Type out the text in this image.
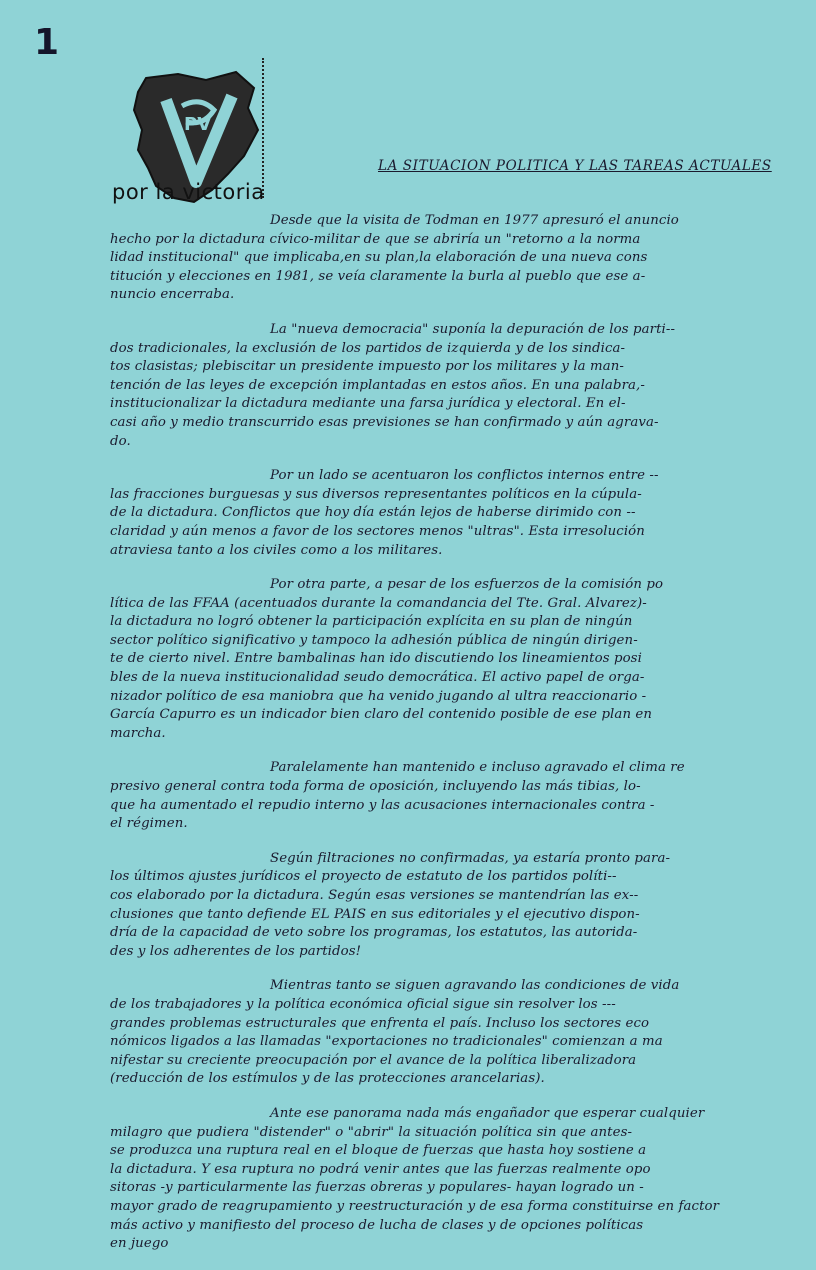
1
PV
por la victoria
LA SITUACION POLITICA Y LAS TAREAS ACTUALES
Desde que la visita de Todman en 1977 apresuró el anuncio
hecho por la dictadura cívico-militar de que se abriría un "retorno a la norma
lidad institucional" que implicaba,en su plan,la elaboración de una nueva cons
titución y elecciones en 1981, se veía claramente la burla al pueblo que ese a-
nuncio encerraba.
La "nueva democracia" suponía la depuración de los parti--
dos tradicionales, la exclusión de los partidos de izquierda y de los sindica-
tos clasistas; plebiscitar un presidente impuesto por los militares y la man-
tención de las leyes de excepción implantadas en estos años. En una palabra,-
institucionalizar la dictadura mediante una farsa jurídica y electoral. En el-
casi año y medio transcurrido esas previsiones se han confirmado y aún agrava-
do.
Por un lado se acentuaron los conflictos internos entre --
las fracciones burguesas y sus diversos representantes políticos en la cúpula-
de la dictadura. Conflictos que hoy día están lejos de haberse dirimido con --
claridad y aún menos a favor de los sectores menos "ultras". Esta irresolución
atraviesa tanto a los civiles como a los militares.
Por otra parte, a pesar de los esfuerzos de la comisión po
lítica de las FFAA (acentuados durante la comandancia del Tte. Gral. Alvarez)-
la dictadura no logró obtener la participación explícita en su plan de ningún
sector político significativo y tampoco la adhesión pública de ningún dirigen-
te de cierto nivel. Entre bambalinas han ido discutiendo los lineamientos posi
bles de la nueva institucionalidad seudo democrática. El activo papel de orga-
nizador político de esa maniobra que ha venido jugando al ultra reaccionario -
García Capurro es un indicador bien claro del contenido posible de ese plan en
marcha.
Paralelamente han mantenido e incluso agravado el clima re
presivo general contra toda forma de oposición, incluyendo las más tibias, lo-
que ha aumentado el repudio interno y las acusaciones internacionales contra -
el régimen.
Según filtraciones no confirmadas, ya estaría pronto para-
los últimos ajustes jurídicos el proyecto de estatuto de los partidos políti--
cos elaborado por la dictadura. Según esas versiones se mantendrían las ex--
clusiones que tanto defiende EL PAIS en sus editoriales y el ejecutivo dispon-
dría de la capacidad de veto sobre los programas, los estatutos, las autorida-
des y los adherentes de los partidos!
Mientras tanto se siguen agravando las condiciones de vida
de los trabajadores y la política económica oficial sigue sin resolver los ---
grandes problemas estructurales que enfrenta el país. Incluso los sectores eco
nómicos ligados a las llamadas "exportaciones no tradicionales" comienzan a ma
nifestar su creciente preocupación por el avance de la política liberalizadora
(reducción de los estímulos y de las protecciones arancelarias).
Ante ese panorama nada más engañador que esperar cualquier
milagro que pudiera "distender" o "abrir" la situación política sin que antes-
se produzca una ruptura real en el bloque de fuerzas que hasta hoy sostiene a
la dictadura. Y esa ruptura no podrá venir antes que las fuerzas realmente opo
sitoras -y particularmente las fuerzas obreras y populares- hayan logrado un -
mayor grado de reagrupamiento y reestructuración y de esa forma constituirse en factor
más activo y manifiesto del proceso de lucha de clases y de opciones políticas
en juego
